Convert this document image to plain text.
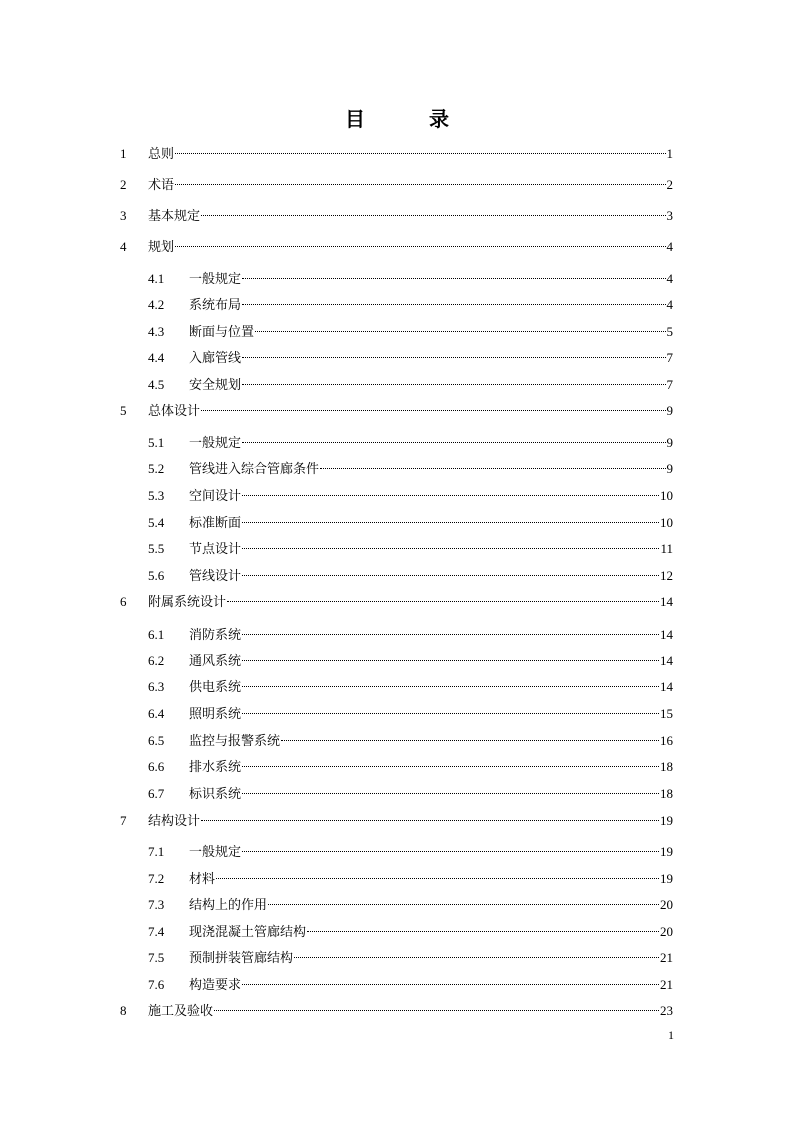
目　录
1 总则	1
2 术语	2
3 基本规定	3
4 规划	4
4.1 一般规定	4
4.2 系统布局	4
4.3 断面与位置	5
4.4 入廊管线	7
4.5 安全规划	7
5 总体设计	9
5.1 一般规定	9
5.2 管线进入综合管廊条件	9
5.3 空间设计	10
5.4 标准断面	10
5.5 节点设计	11
5.6 管线设计	12
6 附属系统设计	14
6.1 消防系统	14
6.2 通风系统	14
6.3 供电系统	14
6.4 照明系统	15
6.5 监控与报警系统	16
6.6 排水系统	18
6.7 标识系统	18
7 结构设计	19
7.1 一般规定	19
7.2 材料	19
7.3 结构上的作用	20
7.4 现浇混凝土管廊结构	20
7.5 预制拼装管廊结构	21
7.6 构造要求	21
8 施工及验收	23
1
